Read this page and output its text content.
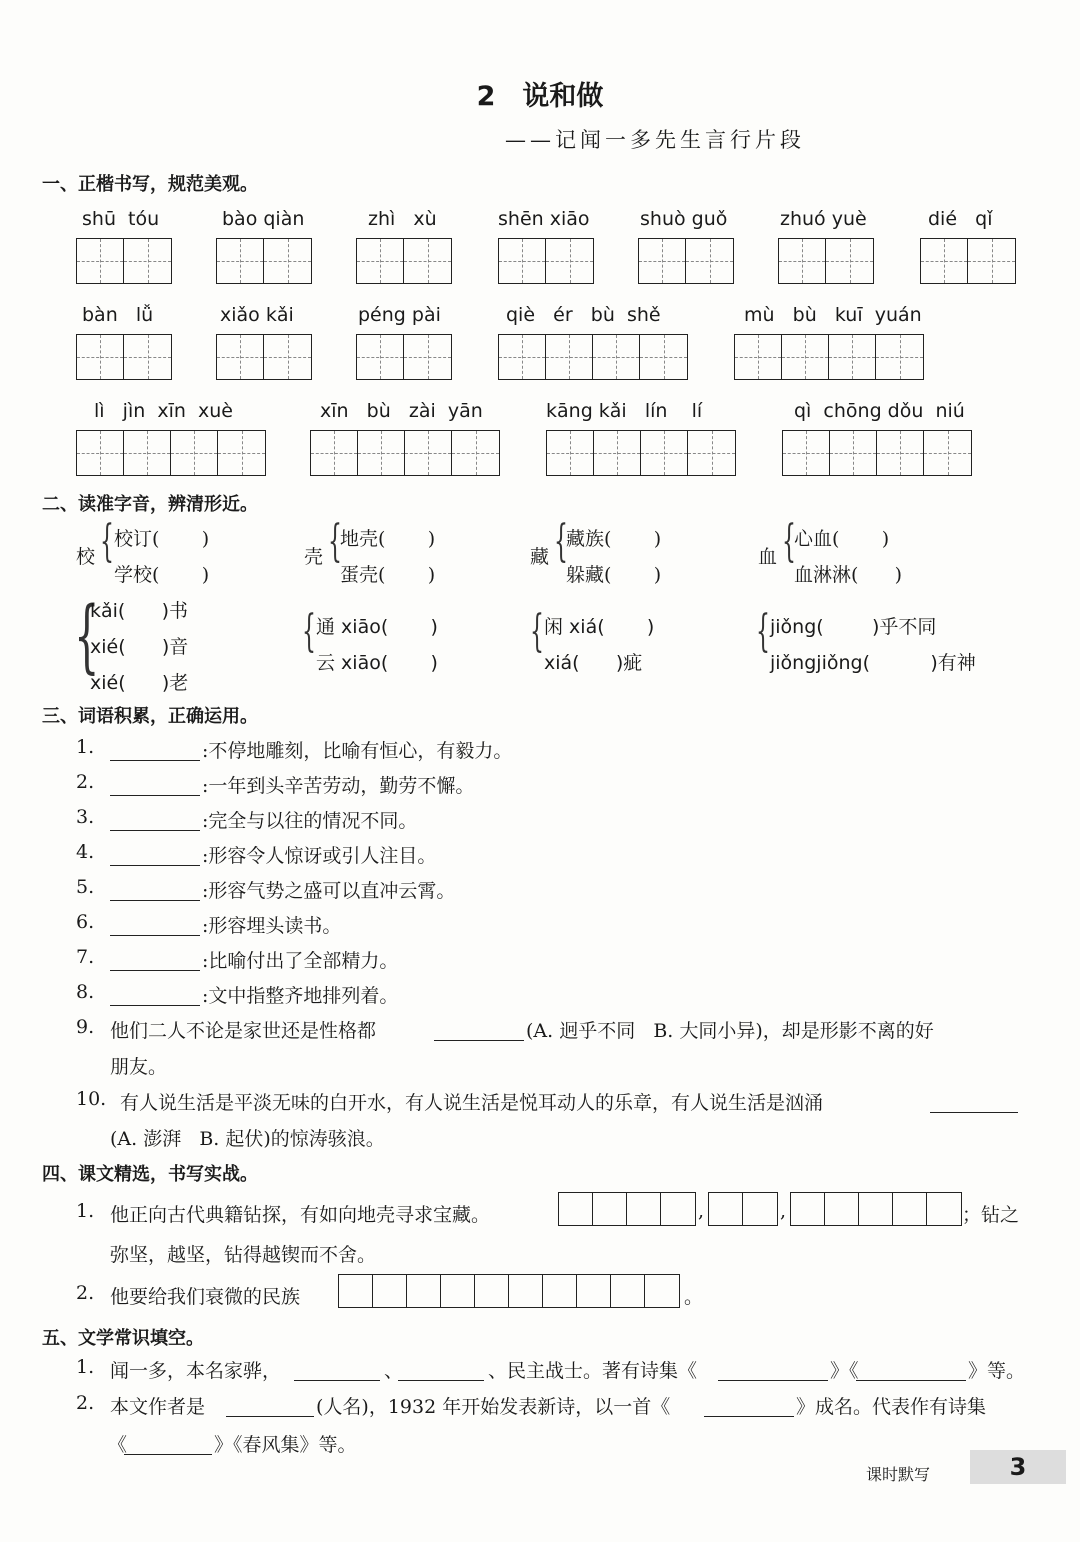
2　说和做
——记闻一多先生言行片段
一、正楷书写，规范美观。
shū  tóu	bào qiàn	zhì   xù	shēn xiāo	shuò guǒ	zhuó yuè	dié   qǐ
bàn   lǚ	xiǎo kǎi	péng pài	qiè   ér   bù  shě	mù   bù   kuī  yuán
lì   jìn  xīn  xuè	xīn   bù   zài  yān	kāng kǎi   lín    lí	qì  chōng dǒu  niú
二、读准字音，辨清形近。
校 { 校订(       )
学校(       )
壳 {
地壳(       )
蛋壳(       )
藏 {
藏族(       )
躲藏(       )
血 {
心血(       )
血淋淋(      )
{
kǎi(      )书
xié(      )音
xié(      )老
{ 通 xiāo(       )
云 xiāo(       )
{ 闲 xiá(       )
xiá(      )疵
{ jiǒng(        )乎不同
jiǒngjiǒng(          )有神
三、词语积累，正确运用。
1.	:不停地雕刻，比喻有恒心，有毅力。
2.	:一年到头辛苦劳动，勤劳不懈。
3.	:完全与以往的情况不同。
4.	:形容令人惊讶或引人注目。
5.	:形容气势之盛可以直冲云霄。
6.	:形容埋头读书。
7.	:比喻付出了全部精力。
8.	:文中指整齐地排列着。
9. 他们二人不论是家世还是性格都	(A. 迥乎不同   B. 大同小异)，却是形影不离的好
朋友。
10. 有人说生活是平淡无味的白开水，有人说生活是悦耳动人的乐章，有人说生活是汹涌
(A. 澎湃   B. 起伏)的惊涛骇浪。
四、课文精选，书写实战。
1. 他正向古代典籍钻探，有如向地壳寻求宝藏。	,	,	；钻之
弥坚，越坚，钻得越锲而不舍。
2. 他要给我们衰微的民族	。
五、文学常识填空。
1. 闻一多，本名家骅，	、	、民主战士。著有诗集《	》《	》等。
2. 本文作者是	(人名)，1932 年开始发表新诗，以一首《	》成名。代表作有诗集
《	》《春风集》等。
课时默写	3
